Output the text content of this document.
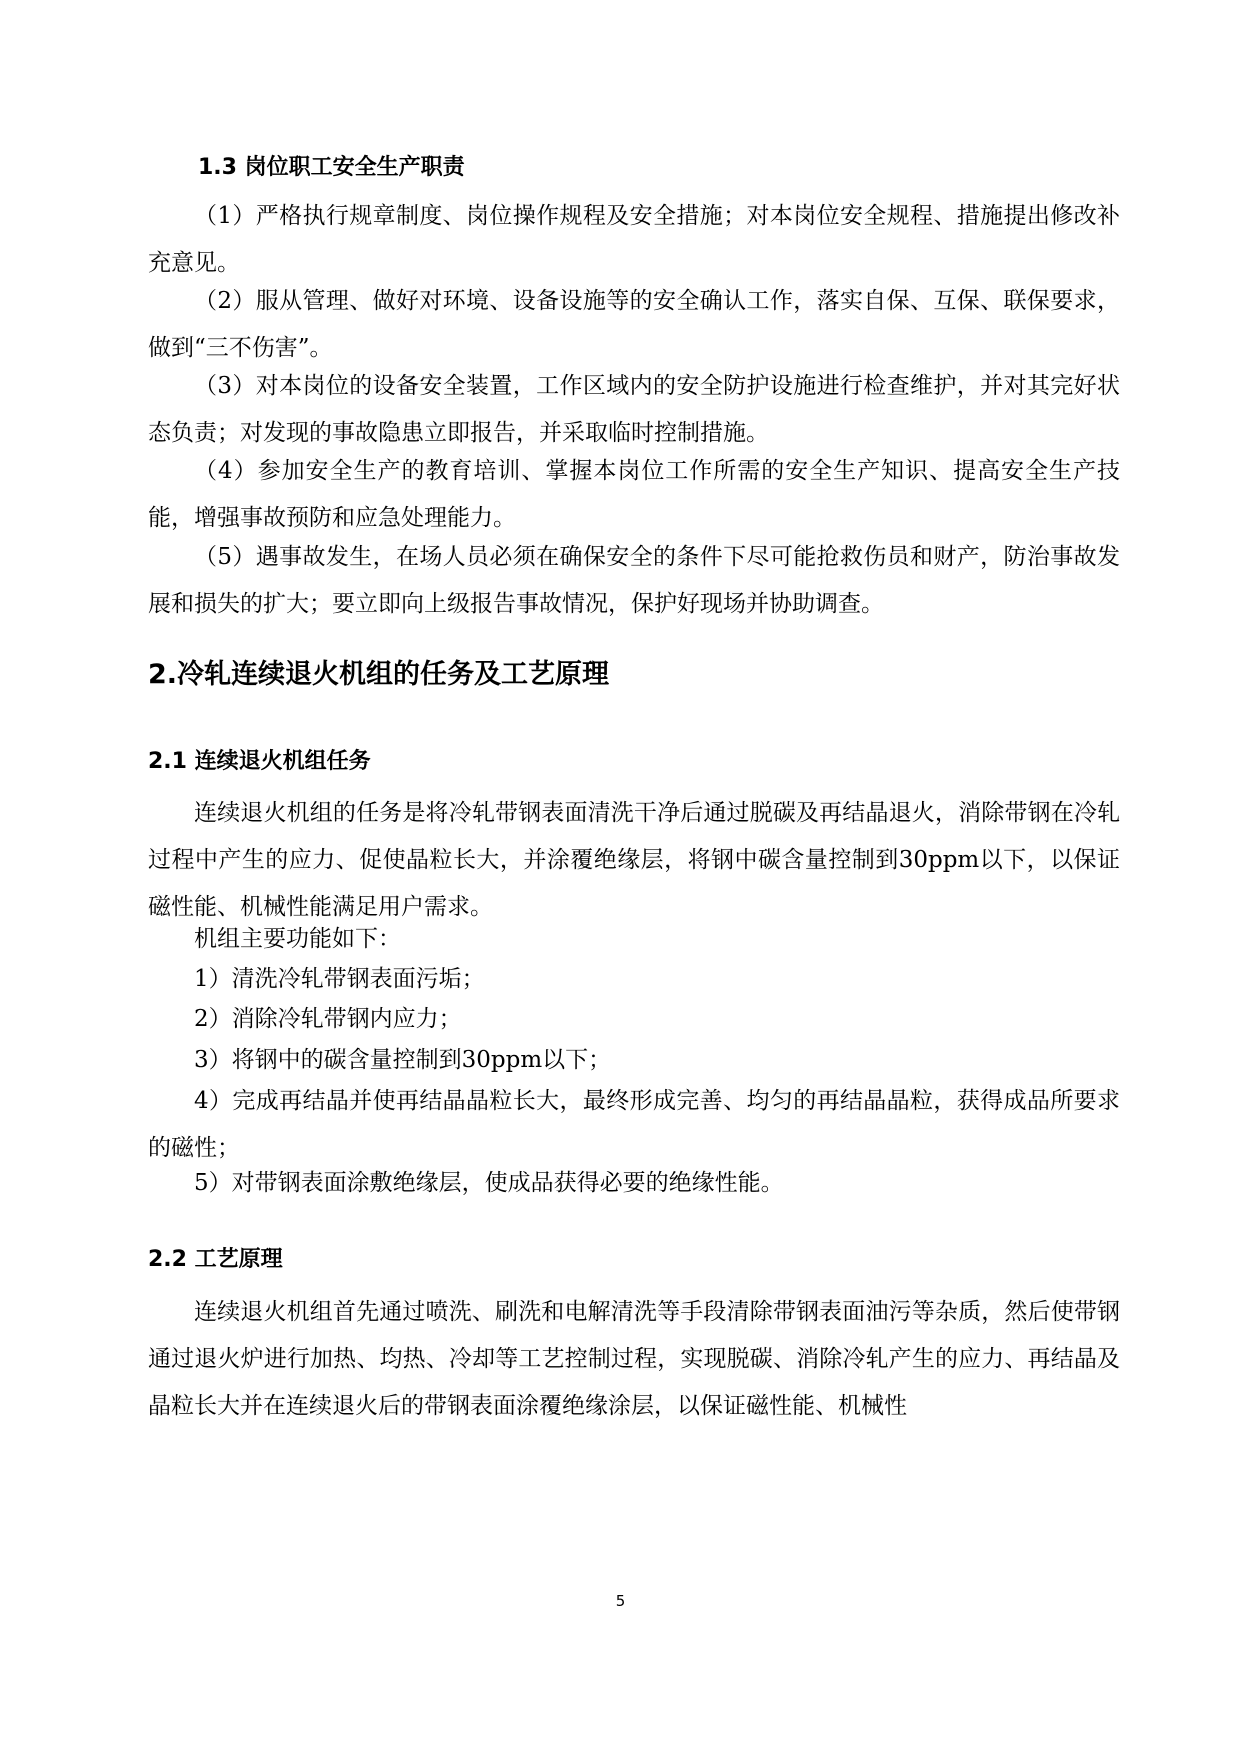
1.3 岗位职工安全生产职责

（1）严格执行规章制度、岗位操作规程及安全措施；对本岗位安全规程、措施提出修改补充意见。

（2）服从管理、做好对环境、设备设施等的安全确认工作，落实自保、互保、联保要求，做到“三不伤害”。

（3）对本岗位的设备安全装置，工作区域内的安全防护设施进行检查维护，并对其完好状态负责；对发现的事故隐患立即报告，并采取临时控制措施。

（4）参加安全生产的教育培训、掌握本岗位工作所需的安全生产知识、提高安全生产技能，增强事故预防和应急处理能力。

（5）遇事故发生，在场人员必须在确保安全的条件下尽可能抢救伤员和财产，防治事故发展和损失的扩大；要立即向上级报告事故情况，保护好现场并协助调查。

2.冷轧连续退火机组的任务及工艺原理
2.1 连续退火机组任务

连续退火机组的任务是将冷轧带钢表面清洗干净后通过脱碳及再结晶退火，消除带钢在冷轧过程中产生的应力、促使晶粒长大，并涂覆绝缘层，将钢中碳含量控制到30ppm以下，以保证磁性能、机械性能满足用户需求。

机组主要功能如下：

1）清洗冷轧带钢表面污垢；

2）消除冷轧带钢内应力；

3）将钢中的碳含量控制到30ppm以下；

4）完成再结晶并使再结晶晶粒长大，最终形成完善、均匀的再结晶晶粒，获得成品所要求的磁性；

5）对带钢表面涂敷绝缘层，使成品获得必要的绝缘性能。

2.2 工艺原理

连续退火机组首先通过喷洗、刷洗和电解清洗等手段清除带钢表面油污等杂质，然后使带钢通过退火炉进行加热、均热、冷却等工艺控制过程，实现脱碳、消除冷轧产生的应力、再结晶及晶粒长大并在连续退火后的带钢表面涂覆绝缘涂层，以保证磁性能、机械性

5
